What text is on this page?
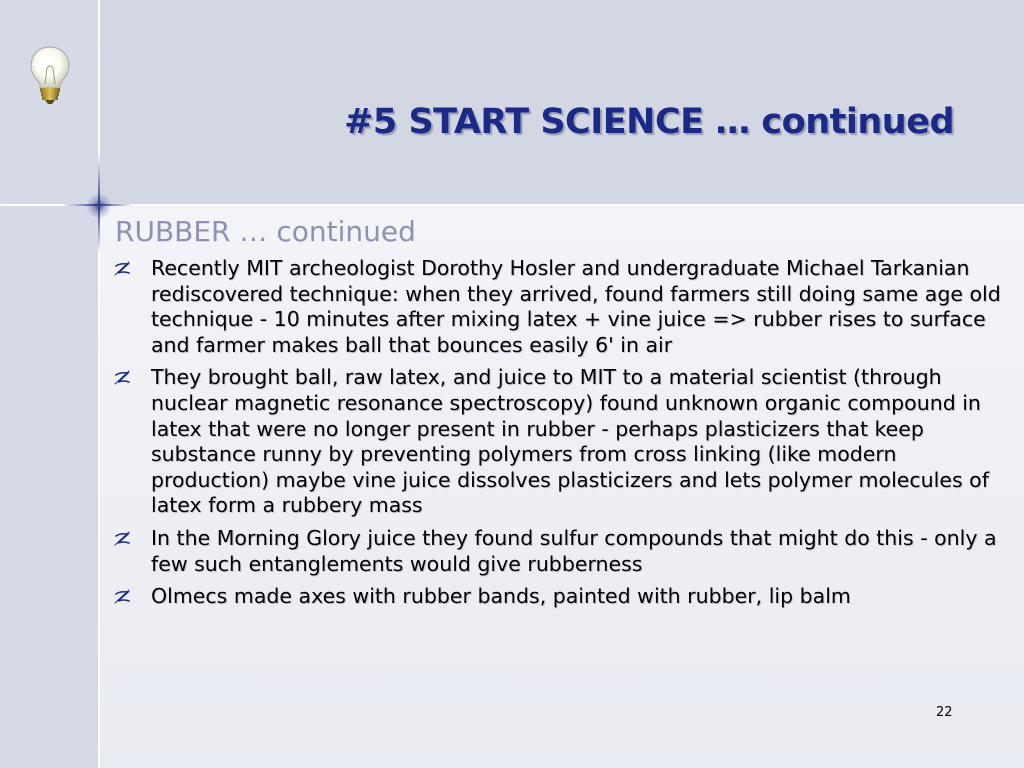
#5 START SCIENCE … continued
RUBBER … continued
Recently MIT archeologist Dorothy Hosler and undergraduate Michael Tarkanian rediscovered technique: when they arrived, found farmers still doing same age old technique - 10 minutes after mixing latex + vine juice => rubber rises to surface and farmer makes ball that bounces easily 6' in air
They brought ball, raw latex, and juice to MIT to a material scientist (through nuclear magnetic resonance spectroscopy) found unknown organic compound in latex that were no longer present in rubber - perhaps plasticizers that keep substance runny by preventing polymers from cross linking (like modern production) maybe vine juice dissolves plasticizers and lets polymer molecules of latex form a rubbery mass
In the Morning Glory juice they found sulfur compounds that might do this - only a few such entanglements would give rubberness
Olmecs made axes with rubber bands, painted with rubber, lip balm
22
